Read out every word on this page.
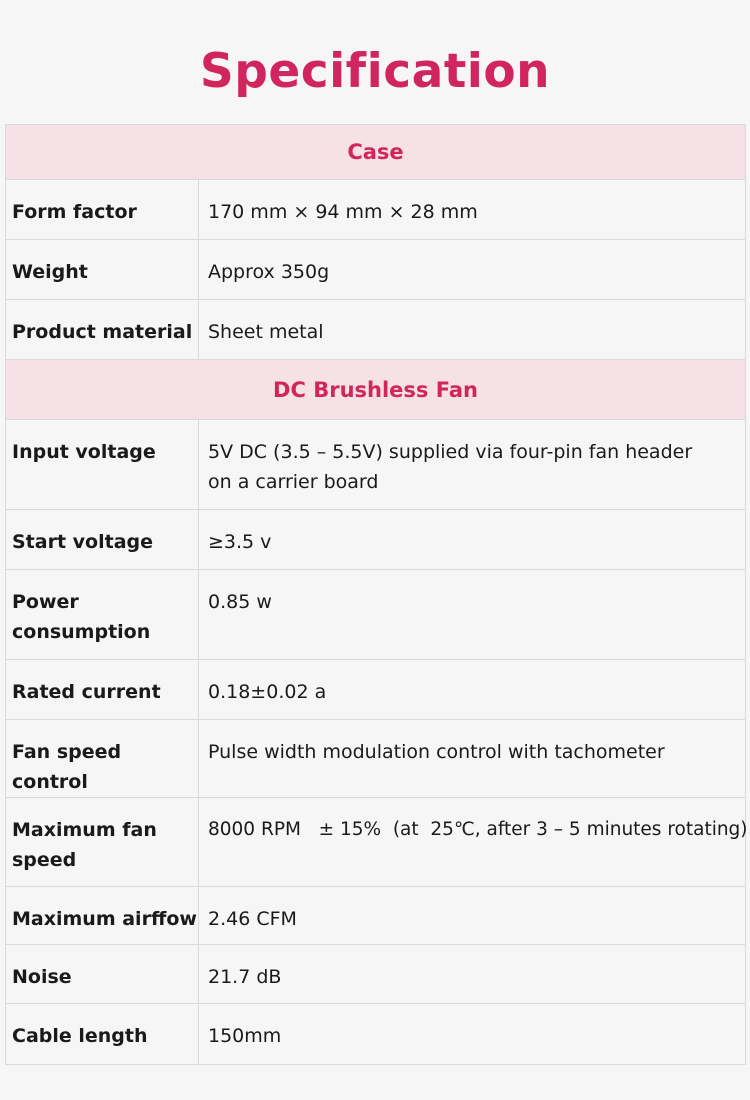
Specification
Case	

Form factor	170 mm × 94 mm × 28 mm

Weight	Approx 350g

Product material	Sheet metal

DC Brushless Fan	

Input voltage	5V DC (3.5 – 5.5V) supplied via four-pin fan header
on a carrier board

Start voltage	≥3.5 v

Power
consumption	0.85 w

Rated current	0.18±0.02 a

Fan speed control	Pulse width modulation control with tachometer

Maximum fan
speed	8000 RPM   ± 15%  (at  25℃, after 3 – 5 minutes rotating)

Maximum airffow	2.46 CFM

Noise	21.7 dB

Cable length	150mm
